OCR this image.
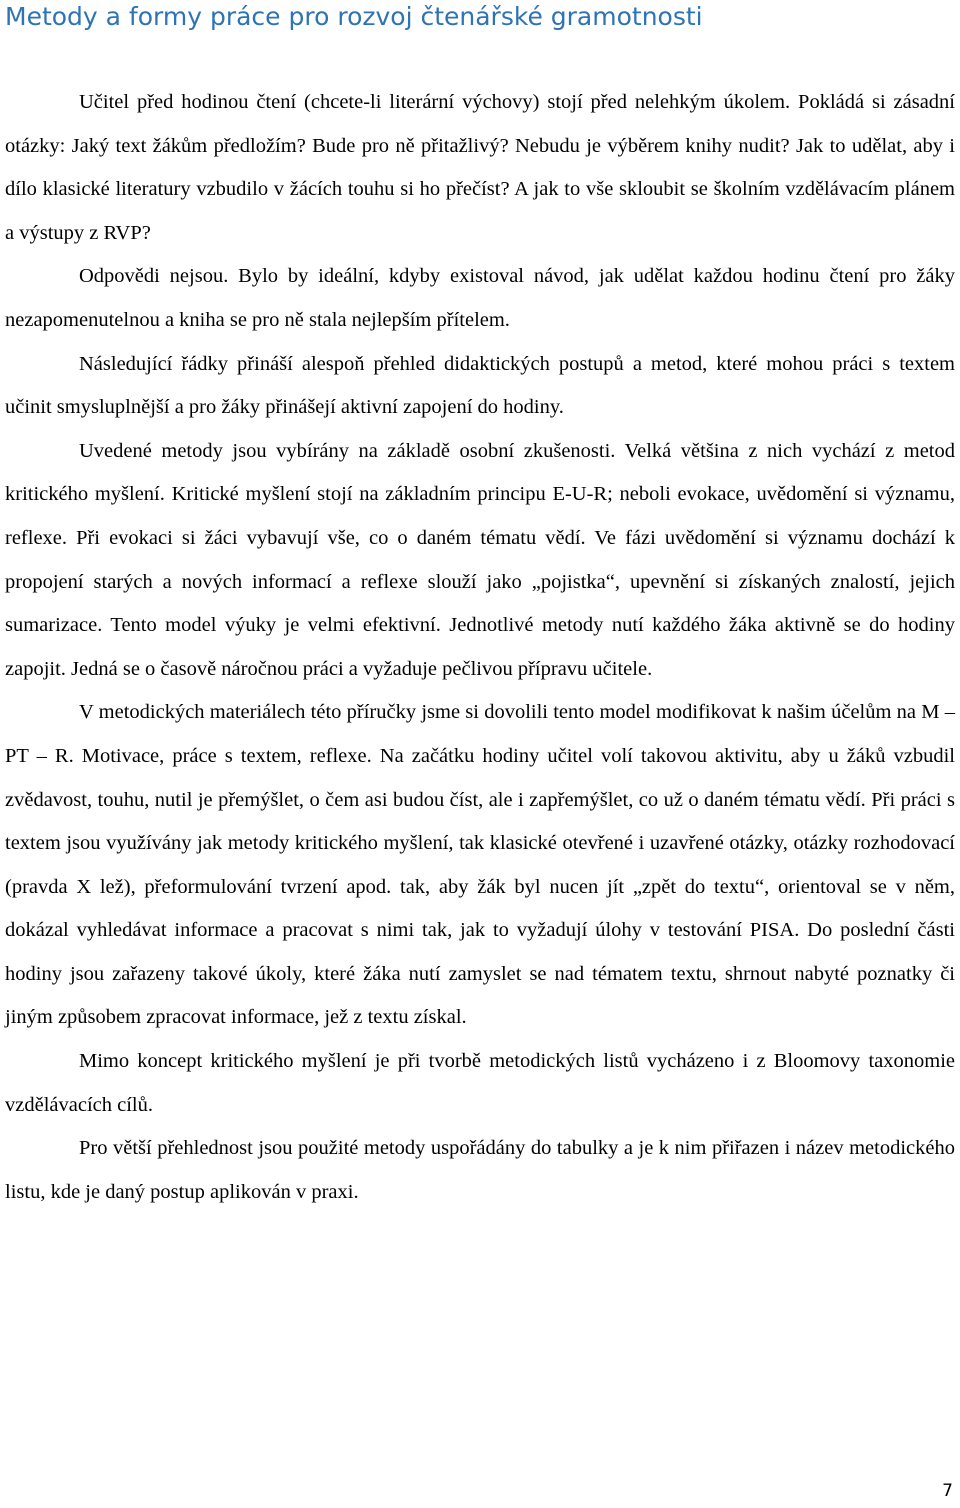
Metody a formy práce pro rozvoj čtenářské gramotnosti

Učitel před hodinou čtení (chcete-li literární výchovy) stojí před nelehkým úkolem. Pokládá si zásadní otázky: Jaký text žákům předložím? Bude pro ně přitažlivý? Nebudu je výběrem knihy nudit? Jak to udělat, aby i dílo klasické literatury vzbudilo v žácích touhu si ho přečíst? A jak to vše skloubit se školním vzdělávacím plánem a výstupy z RVP?

Odpovědi nejsou. Bylo by ideální, kdyby existoval návod, jak udělat každou hodinu čtení pro žáky nezapomenutelnou a kniha se pro ně stala nejlepším přítelem.

Následující řádky přináší alespoň přehled didaktických postupů a metod, které mohou práci s textem učinit smysluplnější a pro žáky přinášejí aktivní zapojení do hodiny.

Uvedené metody jsou vybírány na základě osobní zkušenosti. Velká většina z nich vychází z metod kritického myšlení. Kritické myšlení stojí na základním principu E-U-R; neboli evokace, uvědomění si významu, reflexe. Při evokaci si žáci vybavují vše, co o daném tématu vědí. Ve fázi uvědomění si významu dochází k propojení starých a nových informací a reflexe slouží jako „pojistka“, upevnění si získaných znalostí, jejich sumarizace. Tento model výuky je velmi efektivní. Jednotlivé metody nutí každého žáka aktivně se do hodiny zapojit. Jedná se o časově náročnou práci a vyžaduje pečlivou přípravu učitele.

V metodických materiálech této příručky jsme si dovolili tento model modifikovat k našim účelům na M – PT – R. Motivace, práce s textem, reflexe. Na začátku hodiny učitel volí takovou aktivitu, aby u žáků vzbudil zvědavost, touhu, nutil je přemýšlet, o čem asi budou číst, ale i zapřemýšlet, co už o daném tématu vědí. Při práci s textem jsou využívány jak metody kritického myšlení, tak klasické otevřené i uzavřené otázky, otázky rozhodovací (pravda X lež), přeformulování tvrzení apod. tak, aby žák byl nucen jít „zpět do textu“, orientoval se v něm, dokázal vyhledávat informace a pracovat s nimi tak, jak to vyžadují úlohy v testování PISA. Do poslední části hodiny jsou zařazeny takové úkoly, které žáka nutí zamyslet se nad tématem textu, shrnout nabyté poznatky či jiným způsobem zpracovat informace, jež z textu získal.

Mimo koncept kritického myšlení je při tvorbě metodických listů vycházeno i z Bloomovy taxonomie vzdělávacích cílů.

Pro větší přehlednost jsou použité metody uspořádány do tabulky a je k nim přiřazen i název metodického listu, kde je daný postup aplikován v praxi.

7
